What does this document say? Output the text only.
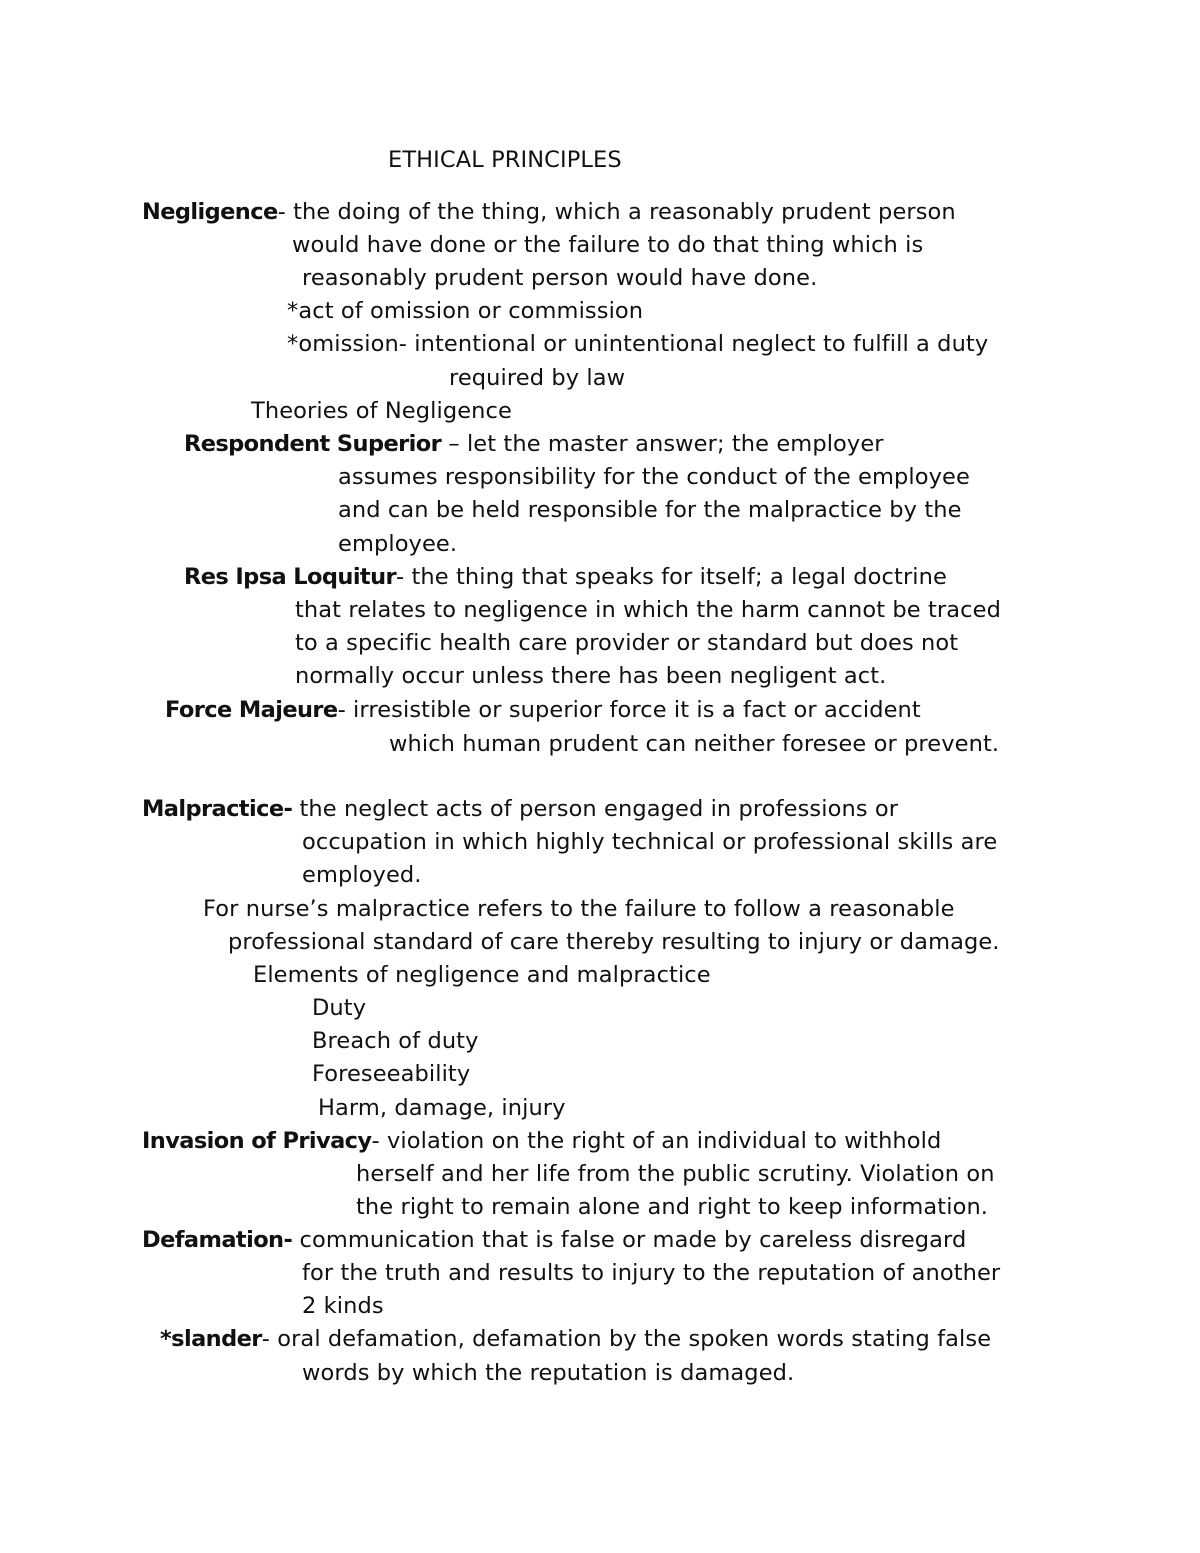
ETHICAL PRINCIPLES
Negligence- the doing of the thing, which a reasonably prudent person
would have done or the failure to do that thing which is
reasonably prudent person would have done.
*act of omission or commission
*omission- intentional or unintentional neglect to fulfill a duty
required by law
Theories of Negligence
Respondent Superior – let the master answer; the employer
assumes responsibility for the conduct of the employee
and can be held responsible for the malpractice by the
employee.
Res Ipsa Loquitur- the thing that speaks for itself; a legal doctrine
that relates to negligence in which the harm cannot be traced
to a specific health care provider or standard but does not
normally occur unless there has been negligent act.
Force Majeure- irresistible or superior force it is a fact or accident
which human prudent can neither foresee or prevent.
Malpractice- the neglect acts of person engaged in professions or
occupation in which highly technical or professional skills are
employed.
For nurse’s malpractice refers to the failure to follow a reasonable
professional standard of care thereby resulting to injury or damage.
Elements of negligence and malpractice
Duty
Breach of duty
Foreseeability
Harm, damage, injury
Invasion of Privacy- violation on the right of an individual to withhold
herself and her life from the public scrutiny. Violation on
the right to remain alone and right to keep information.
Defamation- communication that is false or made by careless disregard
for the truth and results to injury to the reputation of another
2 kinds
*slander- oral defamation, defamation by the spoken words stating false
words by which the reputation is damaged.
